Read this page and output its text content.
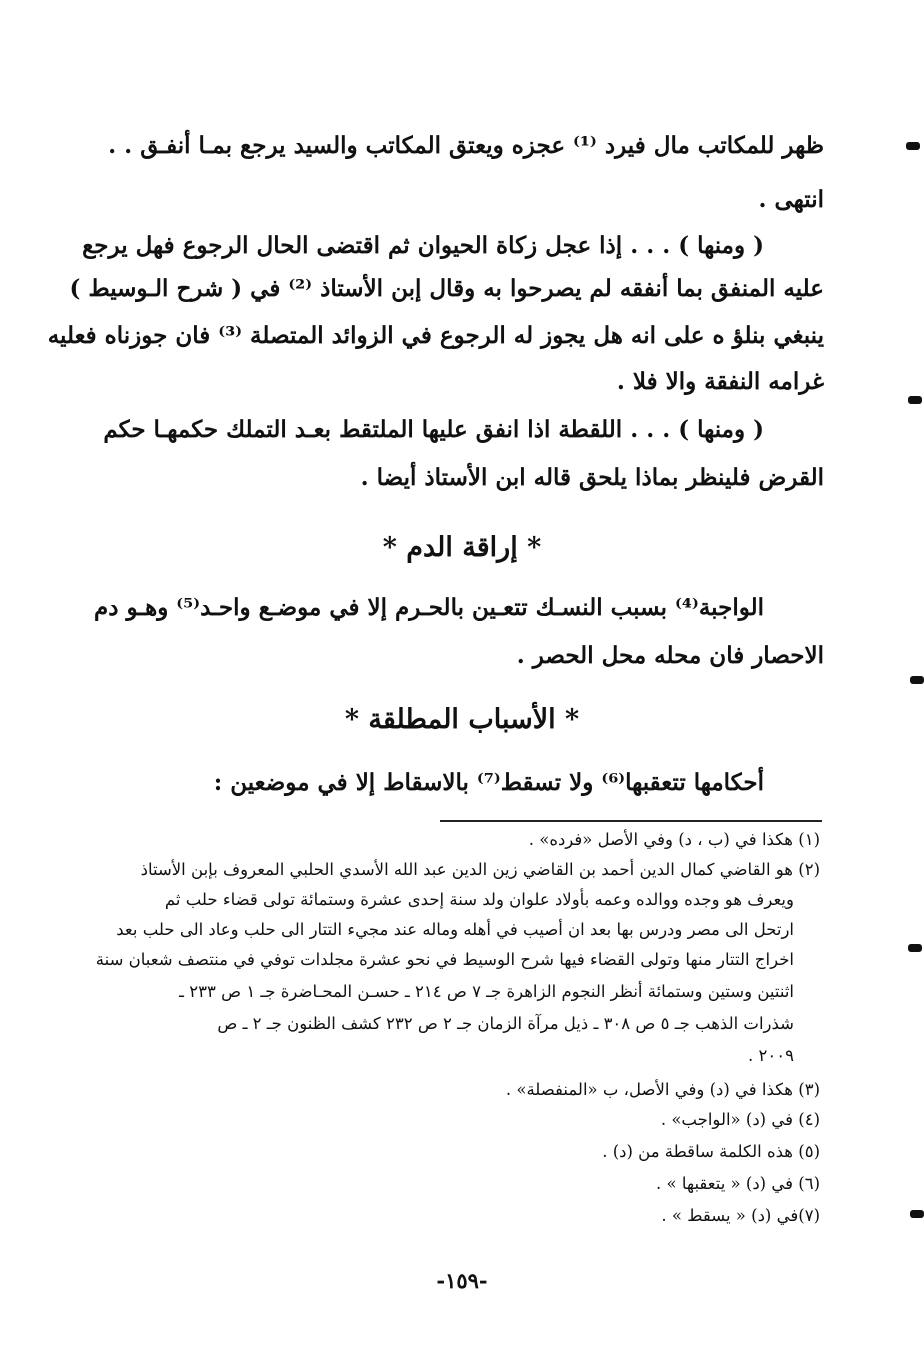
ظهر للمكاتب مال فيرد ⁽¹⁾ عجزه ويعتق المكاتب والسيد يرجع بمـا أنفـق . .
انتهى .
( ومنها ) . . . إذا عجل زكاة الحيوان ثم اقتضى الحال الرجوع فهل يرجع
عليه المنفق بما أنفقه لم يصرحوا به وقال إبن الأستاذ ⁽²⁾ في ( شرح الـوسيط )
ينبغي بنلؤ ه على انه هل يجوز له الرجوع في الزوائد المتصلة ⁽³⁾ فان جوزناه فعليه
غرامه النفقة والا فلا .
( ومنها ) . . . اللقطة اذا انفق عليها الملتقط بعـد التملك حكمهـا حكم
القرض فلينظر بماذا يلحق قاله ابن الأستاذ أيضا .
* إراقة الدم *
الواجبة⁽⁴⁾ بسبب النسـك تتعـين بالحـرم إلا في موضـع واحـد⁽⁵⁾ وهـو دم
الاحصار فان محله محل الحصر .
* الأسباب المطلقة *
أحكامها تتعقبها⁽⁶⁾ ولا تسقط⁽⁷⁾ بالاسقاط إلا في موضعين :
(١) هكذا في (ب ، د) وفي الأصل «فرده» .
(٢) هو القاضي كمال الدين أحمد بن القاضي زين الدين عبد الله الأسدي الحلبي المعروف بإبن الأستاذ
ويعرف هو وجده ووالده وعمه بأولاد علوان ولد سنة إحدى عشرة وستمائة تولى قضاء حلب ثم
ارتحل الى مصر ودرس بها بعد ان أصيب في أهله وماله عند مجيء التتار الى حلب وعاد الى حلب بعد
اخراج التتار منها وتولى القضاء فيها شرح الوسيط في نحو عشرة مجلدات توفي في منتصف شعبان سنة
اثنتين وستين وستمائة أنظر النجوم الزاهرة جـ ٧ ص ٢١٤ ـ حسـن المحـاضرة جـ ١ ص ٢٣٣ ـ
شذرات الذهب جـ ٥ ص ٣٠٨ ـ ذيل مرآة الزمان جـ ٢ ص ٢٣٢ كشف الظنون جـ ٢ ـ ص
٢٠٠٩ .
(٣) هكذا في (د) وفي الأصل، ب «المنفصلة» .
(٤) في (د) «الواجب» .
(٥) هذه الكلمة ساقطة من (د) .
(٦) في (د) « يتعقبها » .
(٧)في (د) « يسقط » .
-١٥٩-
